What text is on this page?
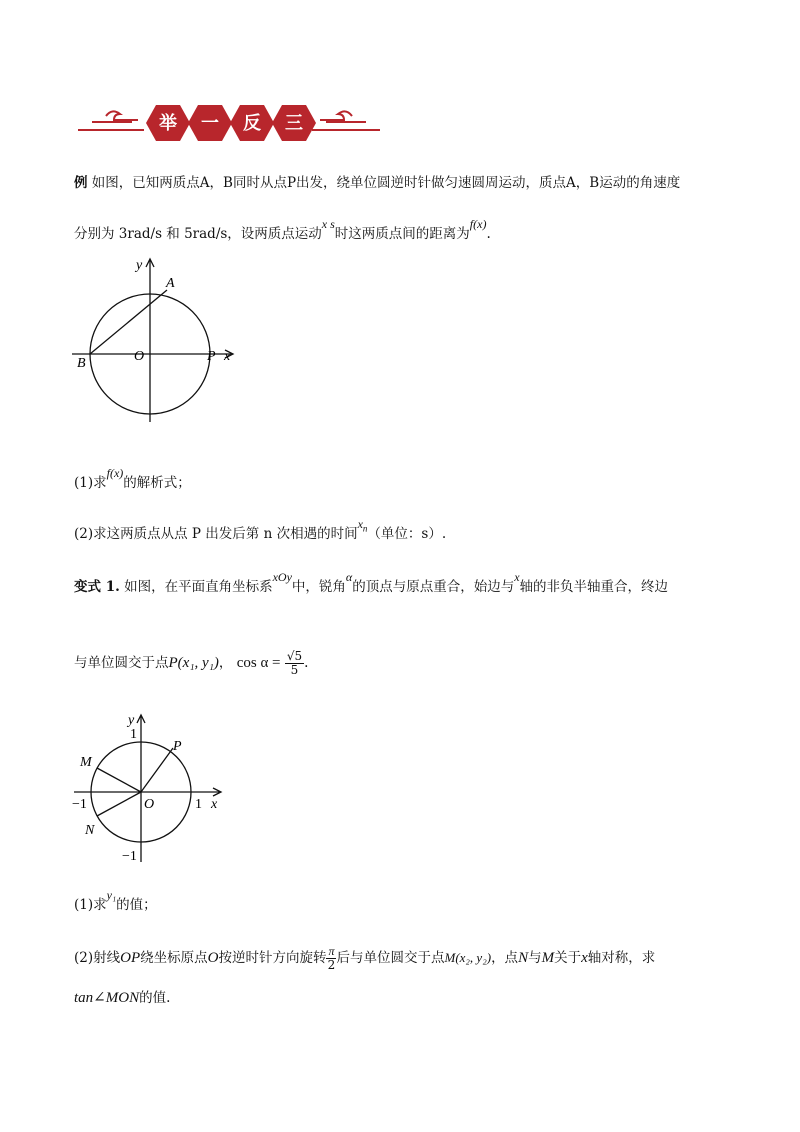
举 一 反 三
例 如图，已知两质点A，B同时从点P出发，绕单位圆逆时针做匀速圆周运动，质点A，B运动的角速度
分别为 3rad/s 和 5rad/s，设两质点运动x s时这两质点间的距离为f(x).
y
A
B	O	P x
(1)求f(x)的解析式；
(2)求这两质点从点 P 出发后第 n 次相遇的时间$x_n$（单位：s）.
变式 1. 如图，在平面直角坐标系xOy中，锐角α的顶点与原点重合，始边与x轴的非负半轴重合，终边
与单位圆交于点P(x₁, y₁)， $\cos \alpha = \frac{√5}{5}$ .
y
1
P
M
−1	O	1 x
N
−1
(1)求y₁的值；
(2)射线OP绕坐标原点O按逆时针方向旋转 $\frac{\pi}{2}$ 后与单位圆交于点M(x₂, y₂)，点N与M关于x轴对称，求
tan∠MON的值.
